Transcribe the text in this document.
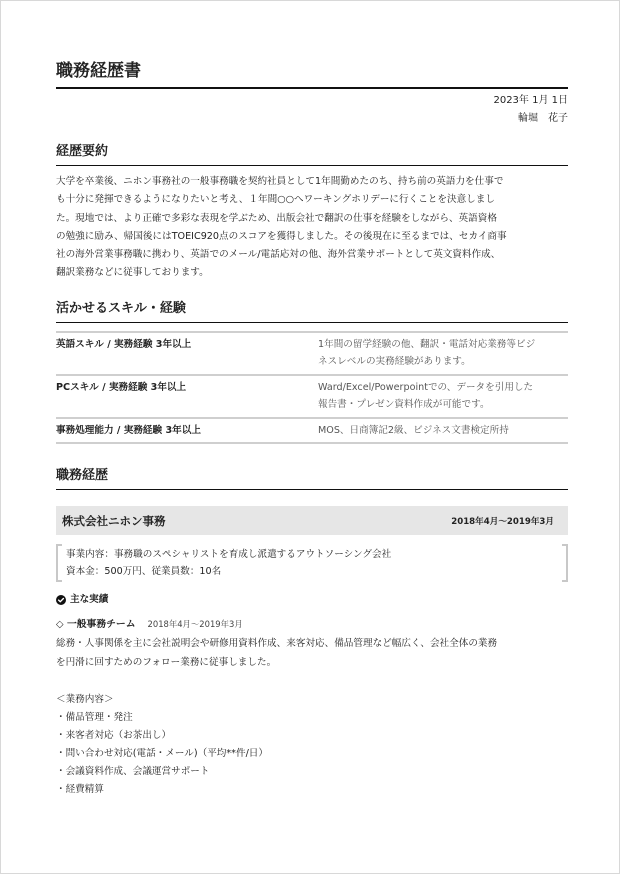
職務経歴書
2023年 1月 1日
輪堀　花子
経歴要約
大学を卒業後、ニホン事務社の一般事務職を契約社員として1年間勤めたのち、持ち前の英語力を仕事で
も十分に発揮できるようになりたいと考え、１年間○○へワーキングホリデーに行くことを決意しまし
た。現地では、より正確で多彩な表現を学ぶため、出版会社で翻訳の仕事を経験をしながら、英語資格
の勉強に励み、帰国後にはTOEIC920点のスコアを獲得しました。その後現在に至るまでは、セカイ商事
社の海外営業事務職に携わり、英語でのメール/電話応対の他、海外営業サポートとして英文資料作成、
翻訳業務などに従事しております。
活かせるスキル・経験
英語スキル / 実務経験 3年以上	1年間の留学経験の他、翻訳・電話対応業務等ビジ
ネスレベルの実務経験があります。

PCスキル / 実務経験 3年以上	Ward/Excel/Powerpointでの、データを引用した
報告書・プレゼン資料作成が可能です。

事務処理能力 / 実務経験 3年以上	MOS、日商簿記2級、ビジネス文書検定所持
職務経歴
株式会社ニホン事務	2018年4月〜2019年3月
事業内容：事務職のスペシャリストを育成し派遣するアウトソーシング会社
資本金：500万円、従業員数：10名
主な実績
◇ 一般事務チーム 2018年4月〜2019年3月
総務・人事関係を主に会社説明会や研修用資料作成、来客対応、備品管理など幅広く、会社全体の業務
を円滑に回すためのフォロー業務に従事しました。
＜業務内容＞
・備品管理・発注
・来客者対応（お茶出し）
・問い合わせ対応(電話・メール)（平均**件/日）
・会議資料作成、会議運営サポート
・経費精算
